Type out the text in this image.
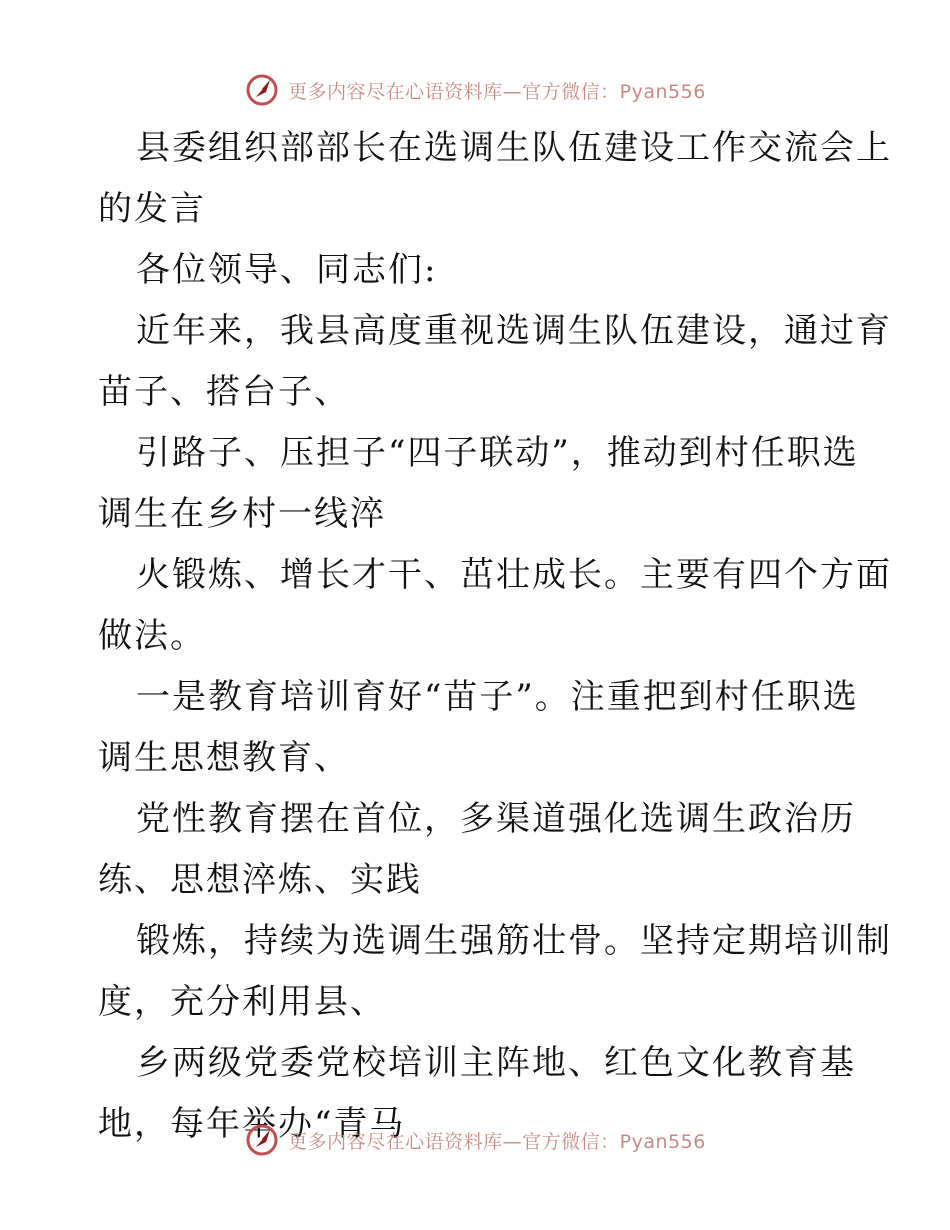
更多内容尽在心语资料库—官方微信：Pyan556
县委组织部部长在选调生队伍建设工作交流会上
的发言
各位领导、同志们:
近年来，我县高度重视选调生队伍建设，通过育
苗子、搭台子、
引路子、压担子“四子联动”，推动到村任职选
调生在乡村一线淬
火锻炼、增长才干、茁壮成长。主要有四个方面
做法。
一是教育培训育好“苗子”。注重把到村任职选
调生思想教育、
党性教育摆在首位，多渠道强化选调生政治历
练、思想淬炼、实践
锻炼，持续为选调生强筋壮骨。坚持定期培训制
度，充分利用县、
乡两级党委党校培训主阵地、红色文化教育基
地，每年举办“青马
更多内容尽在心语资料库—官方微信：Pyan556
